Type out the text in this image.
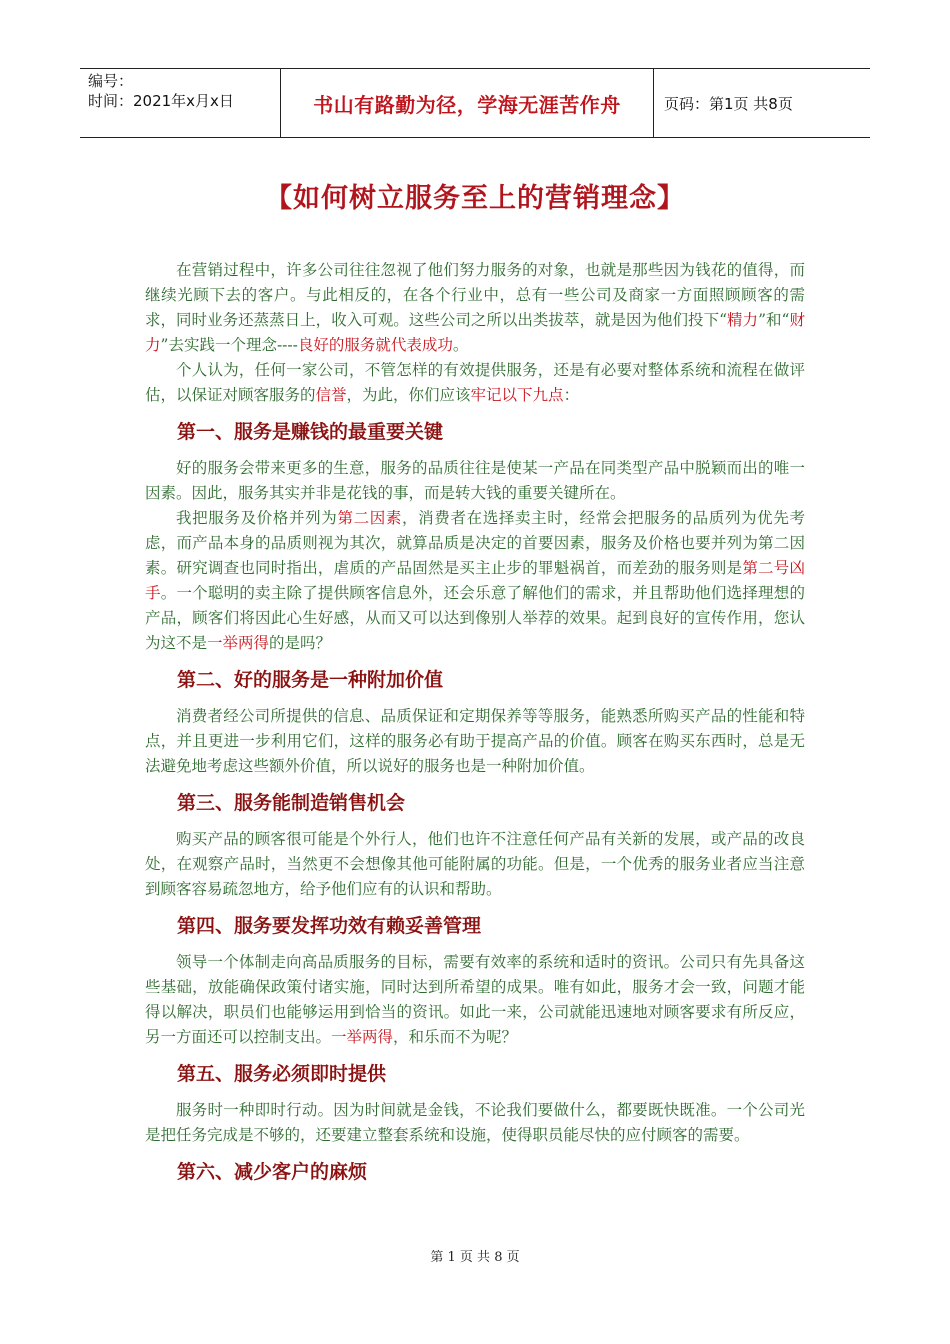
编号：
时间：2021年x月x日	书山有路勤为径，学海无涯苦作舟	页码：第1页 共8页
【如何树立服务至上的营销理念】

在营销过程中，许多公司往往忽视了他们努力服务的对象，也就是那些因为钱花的值得，而继续光顾下去的客户。与此相反的，在各个行业中，总有一些公司及商家一方面照顾顾客的需求，同时业务还蒸蒸日上，收入可观。这些公司之所以出类拔萃，就是因为他们投下“精力”和“财力”去实践一个理念----良好的服务就代表成功。

个人认为，任何一家公司，不管怎样的有效提供服务，还是有必要对整体系统和流程在做评估，以保证对顾客服务的信誉，为此，你们应该牢记以下九点：

第一、服务是赚钱的最重要关键

好的服务会带来更多的生意，服务的品质往往是使某一产品在同类型产品中脱颖而出的唯一因素。因此，服务其实并非是花钱的事，而是转大钱的重要关键所在。

我把服务及价格并列为第二因素，消费者在选择卖主时，经常会把服务的品质列为优先考虑，而产品本身的品质则视为其次，就算品质是决定的首要因素，服务及价格也要并列为第二因素。研究调查也同时指出，虐质的产品固然是买主止步的罪魁祸首，而差劲的服务则是第二号凶手。一个聪明的卖主除了提供顾客信息外，还会乐意了解他们的需求，并且帮助他们选择理想的产品，顾客们将因此心生好感，从而又可以达到像别人举荐的效果。起到良好的宣传作用，您认为这不是一举两得的是吗？

第二、好的服务是一种附加价值

消费者经公司所提供的信息、品质保证和定期保养等等服务，能熟悉所购买产品的性能和特点，并且更进一步利用它们，这样的服务必有助于提高产品的价值。顾客在购买东西时，总是无法避免地考虑这些额外价值，所以说好的服务也是一种附加价值。

第三、服务能制造销售机会

购买产品的顾客很可能是个外行人，他们也许不注意任何产品有关新的发展，或产品的改良处，在观察产品时，当然更不会想像其他可能附属的功能。但是，一个优秀的服务业者应当注意到顾客容易疏忽地方，给予他们应有的认识和帮助。

第四、服务要发挥功效有赖妥善管理

领导一个体制走向高品质服务的目标，需要有效率的系统和适时的资讯。公司只有先具备这些基础，放能确保政策付诸实施，同时达到所希望的成果。唯有如此，服务才会一致，问题才能得以解决，职员们也能够运用到恰当的资讯。如此一来，公司就能迅速地对顾客要求有所反应，另一方面还可以控制支出。一举两得，和乐而不为呢？

第五、服务必须即时提供

服务时一种即时行动。因为时间就是金钱，不论我们要做什么，都要既快既准。一个公司光是把任务完成是不够的，还要建立整套系统和设施，使得职员能尽快的应付顾客的需要。

第六、减少客户的麻烦
第 1 页 共 8 页
